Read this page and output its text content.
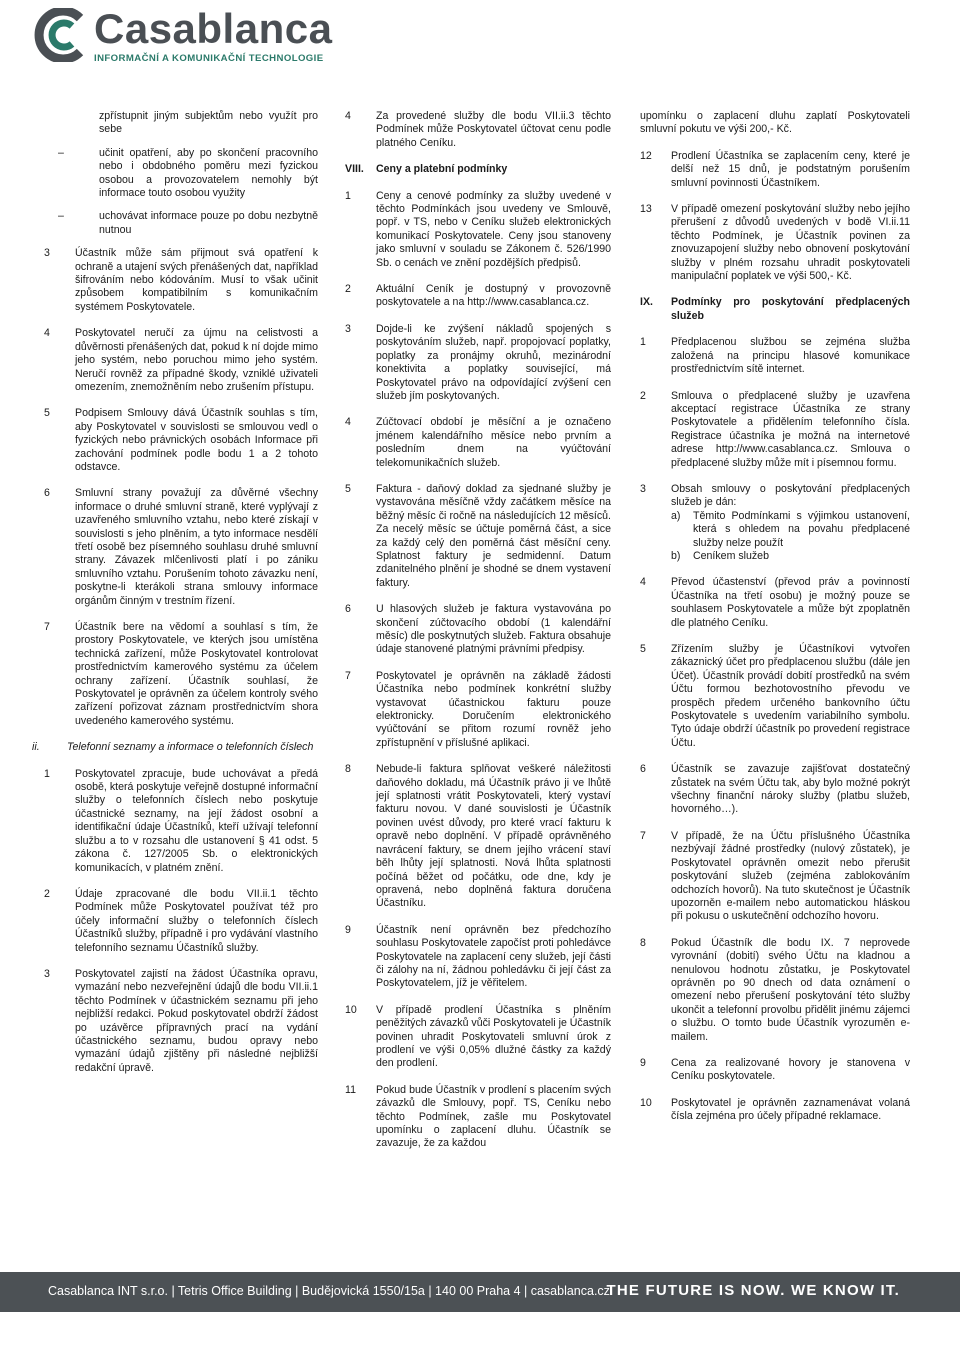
Casablanca
INFORMAČNÍ A KOMUNIKAČNÍ TECHNOLOGIE
zpřístupnit jiným subjektům nebo využít pro sebe
–	učinit opatření, aby po skončení pracovního nebo i obdobného poměru mezi fyzickou osobou a provozovatelem nemohly být informace touto osobou využity
–	uchovávat informace pouze po dobu nezbytně nutnou
3	Účastník může sám přijmout svá opatření k ochraně a utajení svých přenášených dat, například šifrováním nebo kódováním. Musí to však učinit způsobem kompatibilním s komunikačním systémem Poskytovatele.
4	Poskytovatel neručí za újmu na celistvosti a důvěrnosti přenášených dat, pokud k ní dojde mimo jeho systém, nebo poruchou mimo jeho systém. Neručí rovněž za případné škody, vzniklé uživateli omezením, znemožněním nebo zrušením přístupu.
5	Podpisem Smlouvy dává Účastník souhlas s tím, aby Poskytovatel v souvislosti se smlouvou vedl o fyzických nebo právnických osobách Informace při zachování podmínek podle bodu 1 a 2 tohoto odstavce.
6	Smluvní strany považují za důvěrné všechny informace o druhé smluvní straně, které vyplývají z uzavřeného smluvního vztahu, nebo které získají v souvislosti s jeho plněním, a tyto informace nesdělí třetí osobě bez písemného souhlasu druhé smluvní strany. Závazek mlčenlivosti platí i po zániku smluvního vztahu. Porušením tohoto závazku není, poskytne-li kterákoli strana smlouvy informace orgánům činným v trestním řízení.
7	Účastník bere na vědomí a souhlasí s tím, že prostory Poskytovatele, ve kterých jsou umístěna technická zařízení, může Poskytovatel kontrolovat prostřednictvím kamerového systému za účelem ochrany zařízení. Účastník souhlasí, že Poskytovatel je oprávněn za účelem kontroly svého zařízení pořizovat záznam prostřednictvím shora uvedeného kamerového systému.
ii.	Telefonní seznamy a informace o telefonních číslech
1	Poskytovatel zpracuje, bude uchovávat a předá osobě, která poskytuje veřejně dostupné informační služby o telefonních číslech nebo poskytuje účastnické seznamy, na její žádost osobní a identifikační údaje Účastníků, kteří užívají telefonní službu a to v rozsahu dle ustanovení § 41 odst. 5 zákona č. 127/2005 Sb. o elektronických komunikacích, v platném znění.
2	Údaje zpracované dle bodu VII.ii.1 těchto Podmínek může Poskytovatel používat též pro účely informační služby o telefonních číslech Účastníků služby, případně i pro vydávání vlastního telefonního seznamu Účastníků služby.
3	Poskytovatel zajistí na žádost Účastníka opravu, vymazání nebo nezveřejnění údajů dle bodu VII.ii.1 těchto Podmínek v účastnickém seznamu při jeho nejbližší redakci. Pokud poskytovatel obdrží žádost po uzávěrce přípravných prací na vydání účastnického seznamu, budou opravy nebo vymazání údajů zjištěny při následné nejbližší redakční úpravě.
4	Za provedené služby dle bodu VII.ii.3 těchto Podmínek může Poskytovatel účtovat cenu podle platného Ceníku.
VIII.	Ceny a platební podmínky
1	Ceny a cenové podmínky za služby uvedené v těchto Podmínkách jsou uvedeny ve Smlouvě, popř. v TS, nebo v Ceníku služeb elektronických komunikací Poskytovatele. Ceny jsou stanoveny jako smluvní v souladu se Zákonem č. 526/1990 Sb. o cenách ve znění pozdějších předpisů.
2	Aktuální Ceník je dostupný v provozovně poskytovatele a na http://www.casablanca.cz.
3	Dojde-li ke zvýšení nákladů spojených s poskytováním služeb, např. propojovací poplatky, poplatky za pronájmy okruhů, mezinárodní konektivita a poplatky související, má Poskytovatel právo na odpovídající zvýšení cen služeb jím poskytovaných.
4	Zúčtovací období je měsíční a je označeno jménem kalendářního měsíce nebo prvním a posledním dnem na vyúčtování telekomunikačních služeb.
5	Faktura - daňový doklad za sjednané služby je vystavována měsíčně vždy začátkem měsíce na běžný měsíc či ročně na následujících 12 měsíců. Za necelý měsíc se účtuje poměrná část, a sice za každý celý den poměrná část měsíční ceny. Splatnost faktury je sedmidenní. Datum zdanitelného plnění je shodné se dnem vystavení faktury.
6	U hlasových služeb je faktura vystavována po skončení zúčtovacího období (1 kalendářní měsíc) dle poskytnutých služeb. Faktura obsahuje údaje stanovené platnými právními předpisy.
7	Poskytovatel je oprávněn na základě žádosti Účastníka nebo podmínek konkrétní služby vystavovat účastnickou fakturu pouze elektronicky. Doručením elektronického vyúčtování se přitom rozumí rovněž jeho zpřístupnění v příslušné aplikaci.
8	Nebude-li faktura splňovat veškeré náležitosti daňového dokladu, má Účastník právo ji ve lhůtě její splatnosti vrátit Poskytovateli, který vystaví fakturu novou. V dané souvislosti je Účastník povinen uvést důvody, pro které vrací fakturu k opravě nebo doplnění. V případě oprávněného navrácení faktury, se dnem jejího vrácení staví běh lhůty její splatnosti. Nová lhůta splatnosti počíná běžet od počátku, ode dne, kdy je opravená, nebo doplněná faktura doručena Účastníku.
9	Účastník není oprávněn bez předchozího souhlasu Poskytovatele započíst proti pohledávce Poskytovatele na zaplacení ceny služeb, její části či zálohy na ní, žádnou pohledávku či její část za Poskytovatelem, jíž je věřitelem.
10	V případě prodlení Účastníka s plněním peněžitých závazků vůči Poskytovateli je Účastník povinen uhradit Poskytovateli smluvní úrok z prodlení ve výši 0,05% dlužné částky za každý den prodlení.
11	Pokud bude Účastník v prodlení s placením svých závazků dle Smlouvy, popř. TS, Ceníku nebo těchto Podmínek, zašle mu Poskytovatel upomínku o zaplacení dluhu. Účastník se zavazuje, že za každou
upomínku o zaplacení dluhu zaplatí Poskytovateli smluvní pokutu ve výši 200,- Kč.
12	Prodlení Účastníka se zaplacením ceny, které je delší než 15 dnů, je podstatným porušením smluvní povinnosti Účastníkem.
13	V případě omezení poskytování služby nebo jejího přerušení z důvodů uvedených v bodě VI.ii.11 těchto Podmínek, je Účastník povinen za znovuzapojení služby nebo obnovení poskytování služby v plném rozsahu uhradit poskytovateli manipulační poplatek ve výši 500,- Kč.
IX.	Podmínky pro poskytování předplacených služeb
1	Předplacenou službou se zejména služba založená na principu hlasové komunikace prostřednictvím sítě internet.
2	Smlouva o předplacené služby je uzavřena akceptací registrace Účastníka ze strany Poskytovatele a přidělením telefonního čísla. Registrace účastníka je možná na internetové adrese http://www.casablanca.cz. Smlouva o předplacené služby může mít i písemnou formu.
3	Obsah smlouvy o poskytování předplacených služeb je dán:
a)	Těmito Podmínkami s výjimkou ustanovení, která s ohledem na povahu předplacené služby nelze použít
b)	Ceníkem služeb
4	Převod účastenství (převod práv a povinností Účastníka na třetí osobu) je možný pouze se souhlasem Poskytovatele a může být zpoplatněn dle platného Ceníku.
5	Zřízením služby je Účastníkovi vytvořen zákaznický účet pro předplacenou službu (dále jen Účet). Účastník provádí dobití prostředků na svém Účtu formou bezhotovostního převodu ve prospěch předem určeného bankovního účtu Poskytovatele s uvedením variabilního symbolu. Tyto údaje obdrží účastník po provedení registrace Účtu.
6	Účastník se zavazuje zajišťovat dostatečný zůstatek na svém Účtu tak, aby bylo možné pokrýt všechny finanční nároky služby (platbu služeb, hovorného…).
7	V případě, že na Účtu příslušného Účastníka nezbývají žádné prostředky (nulový zůstatek), je Poskytovatel oprávněn omezit nebo přerušit poskytování služeb (zejména zablokováním odchozích hovorů). Na tuto skutečnost je Účastník upozorněn e-mailem nebo automatickou hláskou při pokusu o uskutečnění odchozího hovoru.
8	Pokud Účastník dle bodu IX. 7 neprovede vyrovnání (dobití) svého Účtu na kladnou a nenulovou hodnotu zůstatku, je Poskytovatel oprávněn po 90 dnech od data oznámení o omezení nebo přerušení poskytování této služby ukončit a telefonní provolbu přidělit jinému zájemci o službu. O tomto bude Účastník vyrozuměn e-mailem.
9	Cena za realizované hovory je stanovena v Ceníku poskytovatele.
10	Poskytovatel je oprávněn zaznamenávat volaná čísla zejména pro účely případné reklamace.
Casablanca INT s.r.o. | Tetris Office Building | Budějovická 1550/15a | 140 00 Praha 4 | casablanca.cz
THE FUTURE IS NOW. WE KNOW IT.
